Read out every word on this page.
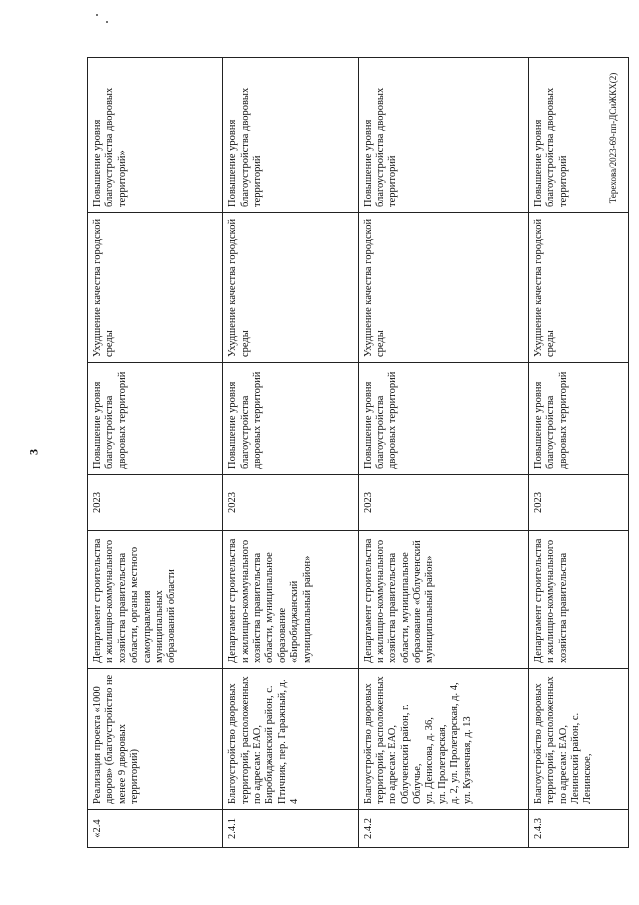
3
Терехова/2023-69-пп-ДСиЖКХ(2)
«2.4	Реализация проекта «1000 дворов» (благоустройство не менее 9 дворовых территорий)	Департамент строительства и жилищно-коммунального хозяйства правительства области, органы местного самоуправления муниципальных образований области	2023	Повышение уровня благоустройства дворовых территорий	Ухудшение качества городской среды	Повышение уровня благоустройства дворовых территорий»
2.4.1	Благоустройство дворовых территорий, расположенных по адресам: ЕАО, Биробиджанский район, с. Птичник, пер. Гаражный, д. 4	Департамент строительства и жилищно-коммунального хозяйства правительства области, муниципальное образование «Биробиджанский муниципальный район»	2023	Повышение уровня благоустройства дворовых территорий	Ухудшение качества городской среды	Повышение уровня благоустройства дворовых территорий
2.4.2	Благоустройство дворовых территорий, расположенных по адресам: ЕАО, Облученский район, г. Облучье,
ул. Денисова, д. 36,
ул. Пролетарская,
д. 2, ул. Пролетарская, д. 4,
ул. Кузнечная, д. 13	Департамент строительства и жилищно-коммунального хозяйства правительства области, муниципальное образование «Облученский муниципальный район»	2023	Повышение уровня благоустройства дворовых территорий	Ухудшение качества городской среды	Повышение уровня благоустройства дворовых территорий
2.4.3	Благоустройство дворовых территорий, расположенных по адресам: ЕАО, Ленинский район, с. Ленинское,	Департамент строительства и жилищно-коммунального хозяйства правительства	2023	Повышение уровня благоустройства дворовых территорий	Ухудшение качества городской среды	Повышение уровня благоустройства дворовых территорий
